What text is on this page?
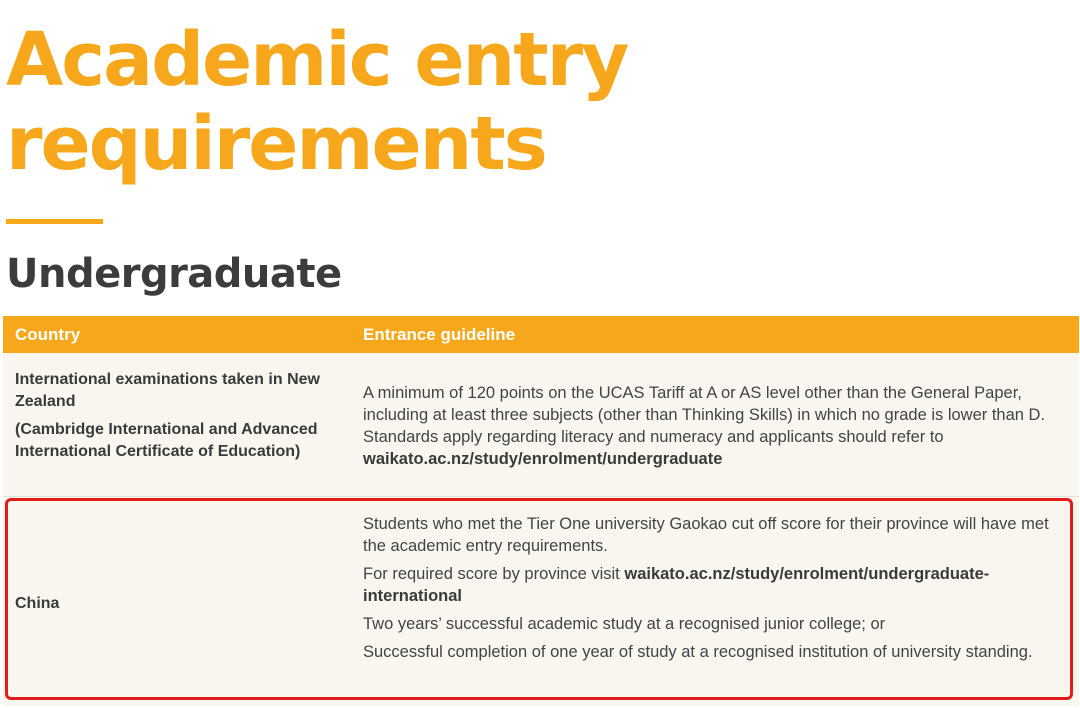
Academic entry
requirements
Undergraduate
Country	Entrance guideline

International examinations taken in New Zealand

(Cambridge International and Advanced International Certificate of Education)

A minimum of 120 points on the UCAS Tariff at A or AS level other than the General Paper, including at least three subjects (other than Thinking Skills) in which no grade is lower than D. Standards apply regarding literacy and numeracy and applicants should refer to waikato.ac.nz/study/enrolment/undergraduate

China

Students who met the Tier One university Gaokao cut off score for their province will have met the academic entry requirements.

For required score by province visit waikato.ac.nz/study/enrolment/undergraduate-international

Two years’ successful academic study at a recognised junior college; or

Successful completion of one year of study at a recognised institution of university standing.
